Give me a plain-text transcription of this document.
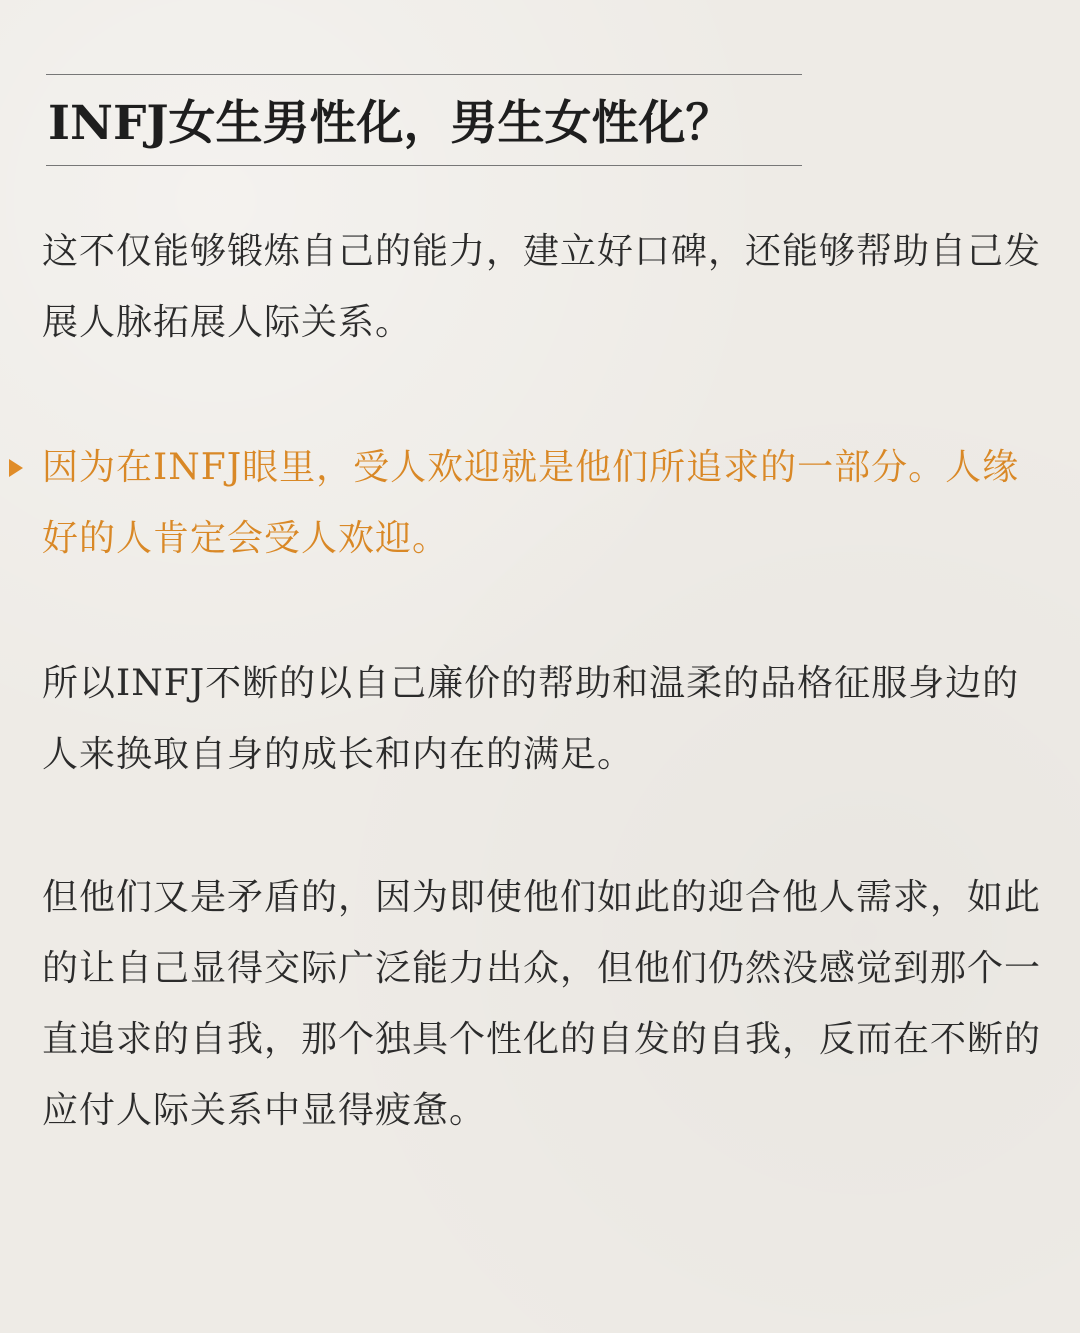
INFJ女生男性化，男生女性化？

这不仅能够锻炼自己的能力，建立好口碑，还能够帮助自己发展人脉拓展人际关系。

因为在INFJ眼里，受人欢迎就是他们所追求的一部分。人缘好的人肯定会受人欢迎。

所以INFJ不断的以自己廉价的帮助和温柔的品格征服身边的人来换取自身的成长和内在的满足。

但他们又是矛盾的，因为即使他们如此的迎合他人需求，如此的让自己显得交际广泛能力出众，但他们仍然没感觉到那个一直追求的自我，那个独具个性化的自发的自我，反而在不断的应付人际关系中显得疲惫。
